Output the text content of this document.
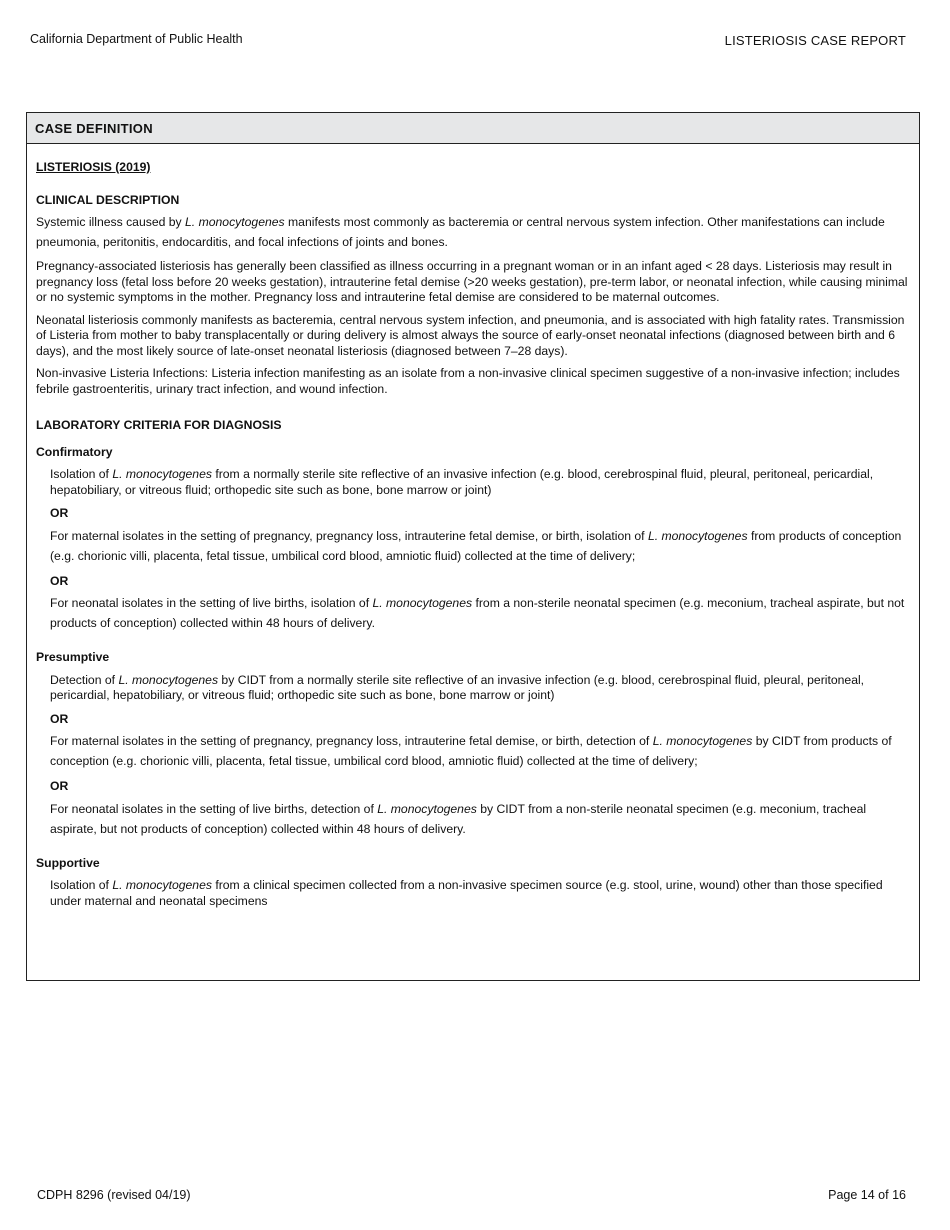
California Department of Public Health	LISTERIOSIS CASE REPORT
CASE DEFINITION
LISTERIOSIS (2019)
CLINICAL DESCRIPTION

Systemic illness caused by L. monocytogenes manifests most commonly as bacteremia or central nervous system infection. Other manifestations can include pneumonia, peritonitis, endocarditis, and focal infections of joints and bones.

Pregnancy-associated listeriosis has generally been classified as illness occurring in a pregnant woman or in an infant aged < 28 days. Listeriosis may result in pregnancy loss (fetal loss before 20 weeks gestation), intrauterine fetal demise (>20 weeks gestation), pre-term labor, or neonatal infection, while causing minimal or no systemic symptoms in the mother. Pregnancy loss and intrauterine fetal demise are considered to be maternal outcomes.

Neonatal listeriosis commonly manifests as bacteremia, central nervous system infection, and pneumonia, and is associated with high fatality rates. Transmission of Listeria from mother to baby transplacentally or during delivery is almost always the source of early-onset neonatal infections (diagnosed between birth and 6 days), and the most likely source of late-onset neonatal listeriosis (diagnosed between 7–28 days).

Non-invasive Listeria Infections: Listeria infection manifesting as an isolate from a non-invasive clinical specimen suggestive of a non-invasive infection; includes febrile gastroenteritis, urinary tract infection, and wound infection.

LABORATORY CRITERIA FOR DIAGNOSIS
Confirmatory

Isolation of L. monocytogenes from a normally sterile site reflective of an invasive infection (e.g. blood, cerebrospinal fluid, pleural, peritoneal, pericardial, hepatobiliary, or vitreous fluid; orthopedic site such as bone, bone marrow or joint)

OR

For maternal isolates in the setting of pregnancy, pregnancy loss, intrauterine fetal demise, or birth, isolation of L. monocytogenes from products of conception (e.g. chorionic villi, placenta, fetal tissue, umbilical cord blood, amniotic fluid) collected at the time of delivery;

OR

For neonatal isolates in the setting of live births, isolation of L. monocytogenes from a non-sterile neonatal specimen (e.g. meconium, tracheal aspirate, but not products of conception) collected within 48 hours of delivery.

Presumptive

Detection of L. monocytogenes by CIDT from a normally sterile site reflective of an invasive infection (e.g. blood, cerebrospinal fluid, pleural, peritoneal, pericardial, hepatobiliary, or vitreous fluid; orthopedic site such as bone, bone marrow or joint)

OR

For maternal isolates in the setting of pregnancy, pregnancy loss, intrauterine fetal demise, or birth, detection of L. monocytogenes by CIDT from products of conception (e.g. chorionic villi, placenta, fetal tissue, umbilical cord blood, amniotic fluid) collected at the time of delivery;

OR

For neonatal isolates in the setting of live births, detection of L. monocytogenes by CIDT from a non-sterile neonatal specimen (e.g. meconium, tracheal aspirate, but not products of conception) collected within 48 hours of delivery.

Supportive

Isolation of L. monocytogenes from a clinical specimen collected from a non-invasive specimen source (e.g. stool, urine, wound) other than those specified under maternal and neonatal specimens

CDPH 8296 (revised 04/19)	Page 14 of 16
